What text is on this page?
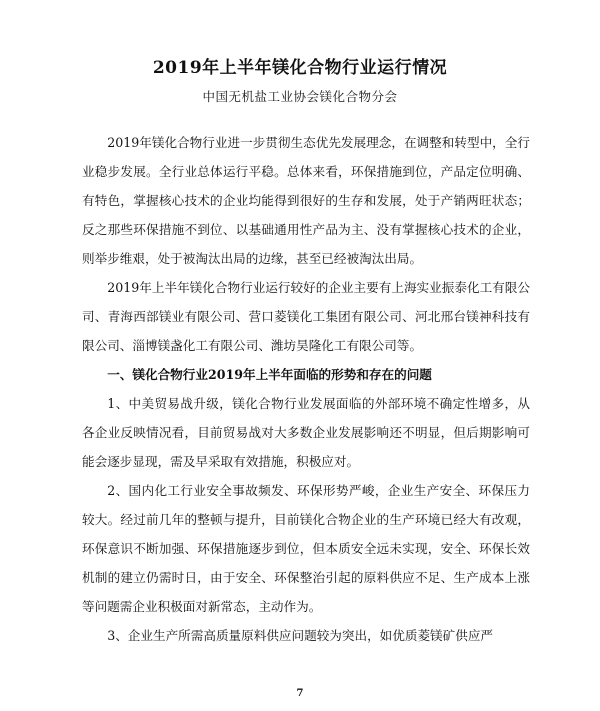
2019年上半年镁化合物行业运行情况
中国无机盐工业协会镁化合物分会

2019年镁化合物行业进一步贯彻生态优先发展理念，在调整和转型中，全行业稳步发展。全行业总体运行平稳。总体来看，环保措施到位，产品定位明确、有特色，掌握核心技术的企业均能得到很好的生存和发展，处于产销两旺状态；反之那些环保措施不到位、以基础通用性产品为主、没有掌握核心技术的企业，则举步维艰，处于被淘汰出局的边缘，甚至已经被淘汰出局。

2019年上半年镁化合物行业运行较好的企业主要有上海实业振泰化工有限公司、青海西部镁业有限公司、营口菱镁化工集团有限公司、河北邢台镁神科技有限公司、淄博镁盏化工有限公司、潍坊昊隆化工有限公司等。

一、镁化合物行业2019年上半年面临的形势和存在的问题

1、中美贸易战升级，镁化合物行业发展面临的外部环境不确定性增多，从各企业反映情况看，目前贸易战对大多数企业发展影响还不明显，但后期影响可能会逐步显现，需及早采取有效措施，积极应对。

2、国内化工行业安全事故频发、环保形势严峻，企业生产安全、环保压力较大。经过前几年的整顿与提升，目前镁化合物企业的生产环境已经大有改观，环保意识不断加强、环保措施逐步到位，但本质安全远未实现，安全、环保长效机制的建立仍需时日，由于安全、环保整治引起的原料供应不足、生产成本上涨等问题需企业积极面对新常态，主动作为。

3、企业生产所需高质量原料供应问题较为突出，如优质菱镁矿供应严

7
